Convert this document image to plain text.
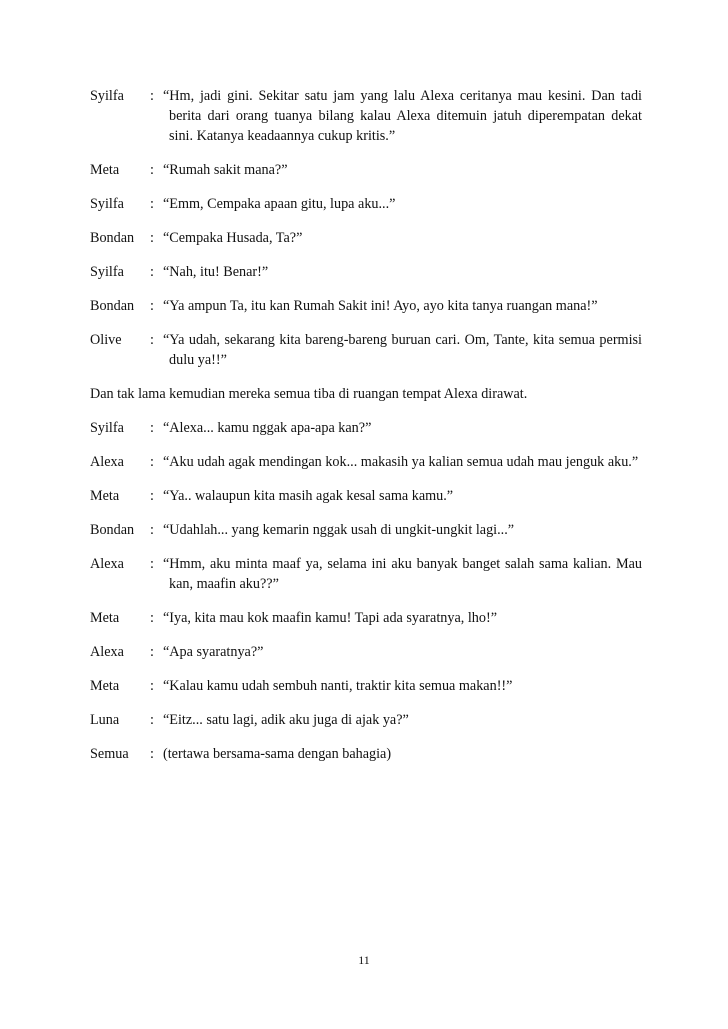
Syilfa	: “Hm, jadi gini. Sekitar satu jam yang lalu Alexa ceritanya mau kesini. Dan tadi berita dari orang tuanya bilang kalau Alexa ditemuin jatuh diperempatan dekat sini. Katanya keadaannya cukup kritis.”
Meta	: “Rumah sakit mana?”
Syilfa	: “Emm, Cempaka apaan gitu, lupa aku...”
Bondan	: “Cempaka Husada, Ta?”
Syilfa	: “Nah, itu! Benar!”
Bondan	: “Ya ampun Ta, itu kan Rumah Sakit ini! Ayo, ayo kita tanya ruangan mana!”
Olive	: “Ya udah, sekarang kita bareng-bareng buruan cari. Om, Tante, kita semua permisi dulu ya!!”
Dan tak lama kemudian mereka semua tiba di ruangan tempat Alexa dirawat.
Syilfa	: “Alexa... kamu nggak apa-apa kan?”
Alexa	: “Aku udah agak mendingan kok... makasih ya kalian semua udah mau jenguk aku.”
Meta	: “Ya.. walaupun kita masih agak kesal sama kamu.”
Bondan	: “Udahlah... yang kemarin nggak usah di ungkit-ungkit lagi...”
Alexa	: “Hmm, aku minta maaf ya, selama ini aku banyak banget salah sama kalian. Mau kan, maafin aku??”
Meta	: “Iya, kita mau kok maafin kamu! Tapi ada syaratnya, lho!”
Alexa	: “Apa syaratnya?”
Meta	: “Kalau kamu udah sembuh nanti, traktir kita semua makan!!”
Luna	: “Eitz... satu lagi, adik aku juga di ajak ya?”
Semua	: (tertawa bersama-sama dengan bahagia)
11
